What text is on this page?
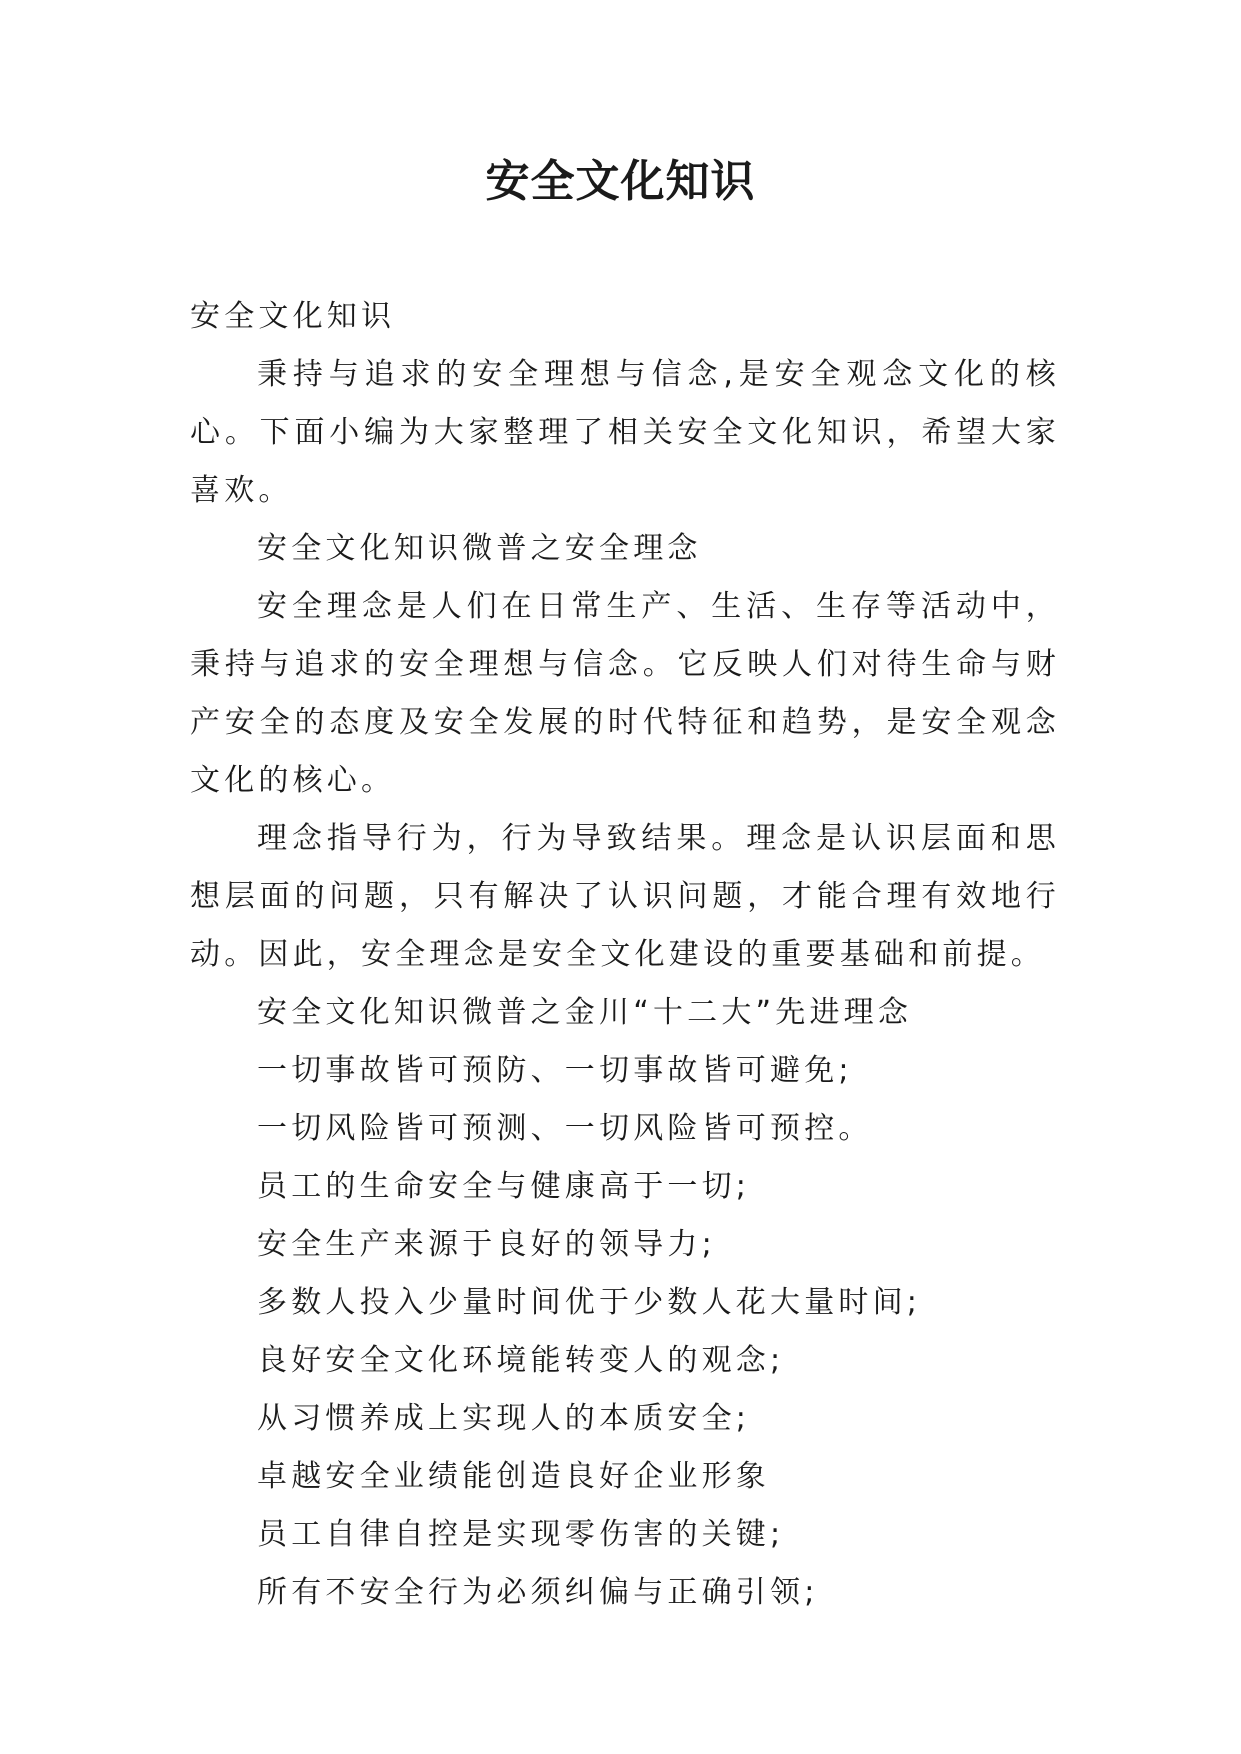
安全文化知识

安全文化知识

秉持与追求的安全理想与信念,是安全观念文化的核心。下面小编为大家整理了相关安全文化知识，希望大家喜欢。

安全文化知识微普之安全理念

安全理念是人们在日常生产、生活、生存等活动中，秉持与追求的安全理想与信念。它反映人们对待生命与财产安全的态度及安全发展的时代特征和趋势，是安全观念文化的核心。

理念指导行为，行为导致结果。理念是认识层面和思想层面的问题，只有解决了认识问题，才能合理有效地行动。因此，安全理念是安全文化建设的重要基础和前提。

安全文化知识微普之金川“十二大”先进理念

一切事故皆可预防、一切事故皆可避免;

一切风险皆可预测、一切风险皆可预控。

员工的生命安全与健康高于一切;

安全生产来源于良好的领导力;

多数人投入少量时间优于少数人花大量时间;

良好安全文化环境能转变人的观念;

从习惯养成上实现人的本质安全;

卓越安全业绩能创造良好企业形象

员工自律自控是实现零伤害的关键;

所有不安全行为必须纠偏与正确引领;
